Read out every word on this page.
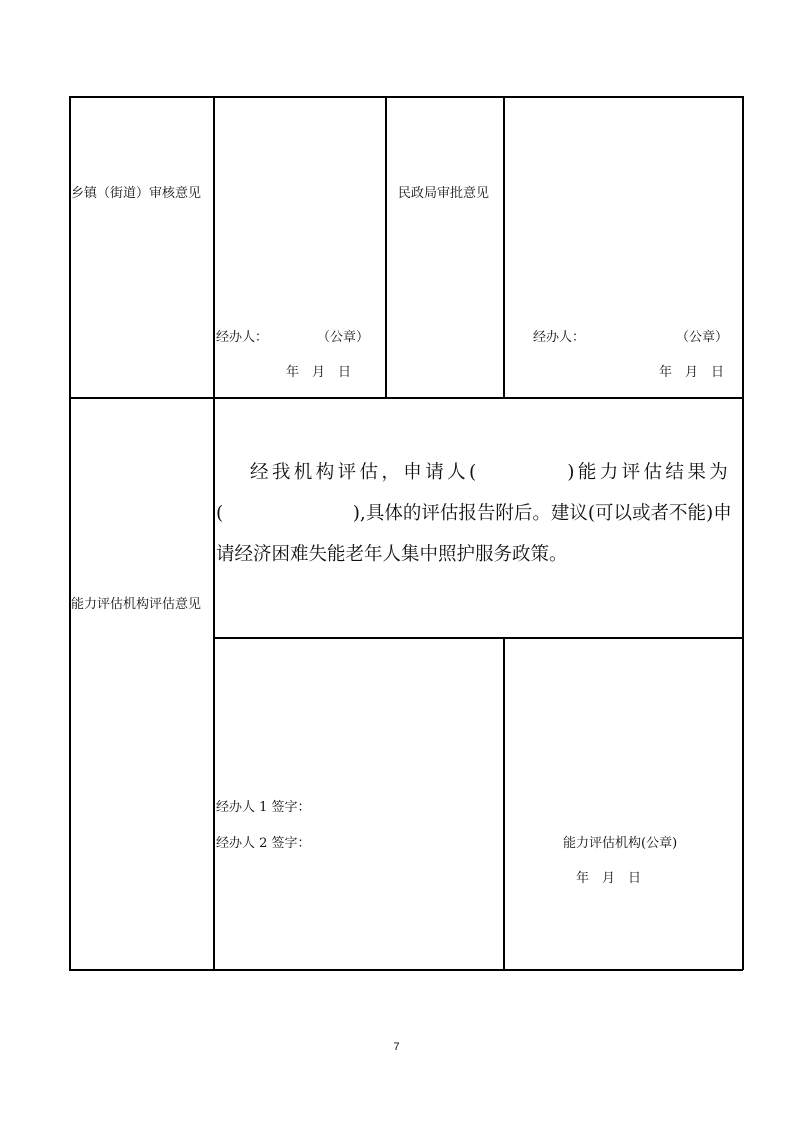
乡镇（街道）审核意见
经办人：	（公章）
年　月　日
民政局审批意见
经办人：	（公章）
年　月　日
能力评估机构评估意见
经我机构评估，申请人(　　　　)能力评估结果为
(　　　　　　　),具体的评估报告附后。建议(可以或者不能)申
请经济困难失能老年人集中照护服务政策。
经办人 1 签字：
经办人 2 签字：	能力评估机构(公章)
年　月　日
7
